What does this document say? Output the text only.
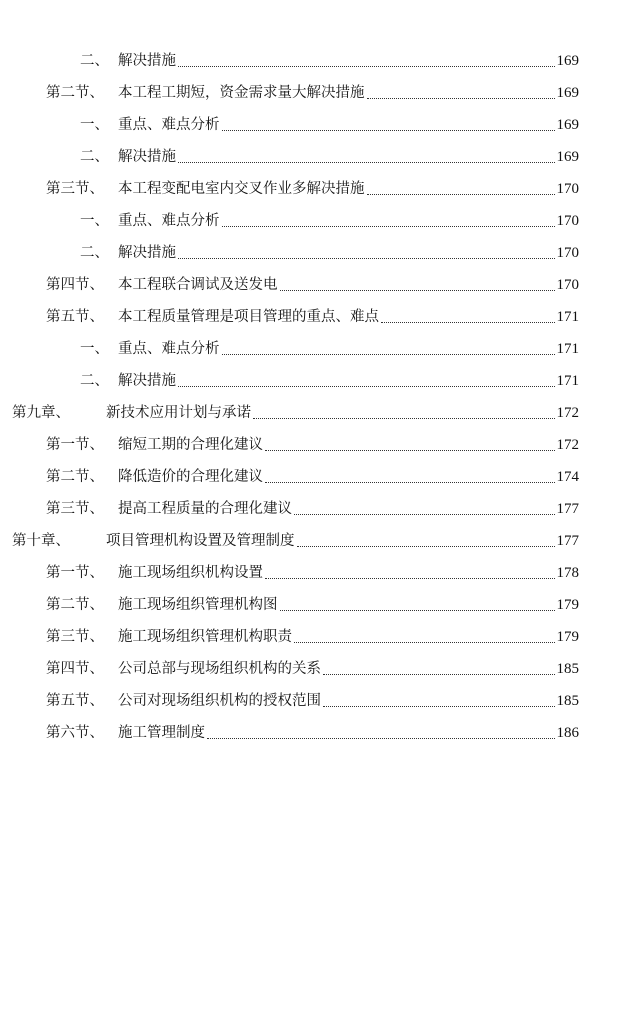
二、 解决措施	169
第二节、 本工程工期短，资金需求量大解决措施	169
一、 重点、难点分析	169
二、 解决措施	169
第三节、 本工程变配电室内交叉作业多解决措施	170
一、 重点、难点分析	170
二、 解决措施	170
第四节、 本工程联合调试及送发电	170
第五节、 本工程质量管理是项目管理的重点、难点	171
一、 重点、难点分析	171
二、 解决措施	171
第九章、	新技术应用计划与承诺	172
第一节、 缩短工期的合理化建议	172
第二节、 降低造价的合理化建议	174
第三节、 提高工程质量的合理化建议	177
第十章、	项目管理机构设置及管理制度	177
第一节、 施工现场组织机构设置	178
第二节、 施工现场组织管理机构图	179
第三节、 施工现场组织管理机构职责	179
第四节、 公司总部与现场组织机构的关系	185
第五节、 公司对现场组织机构的授权范围	185
第六节、 施工管理制度	186
